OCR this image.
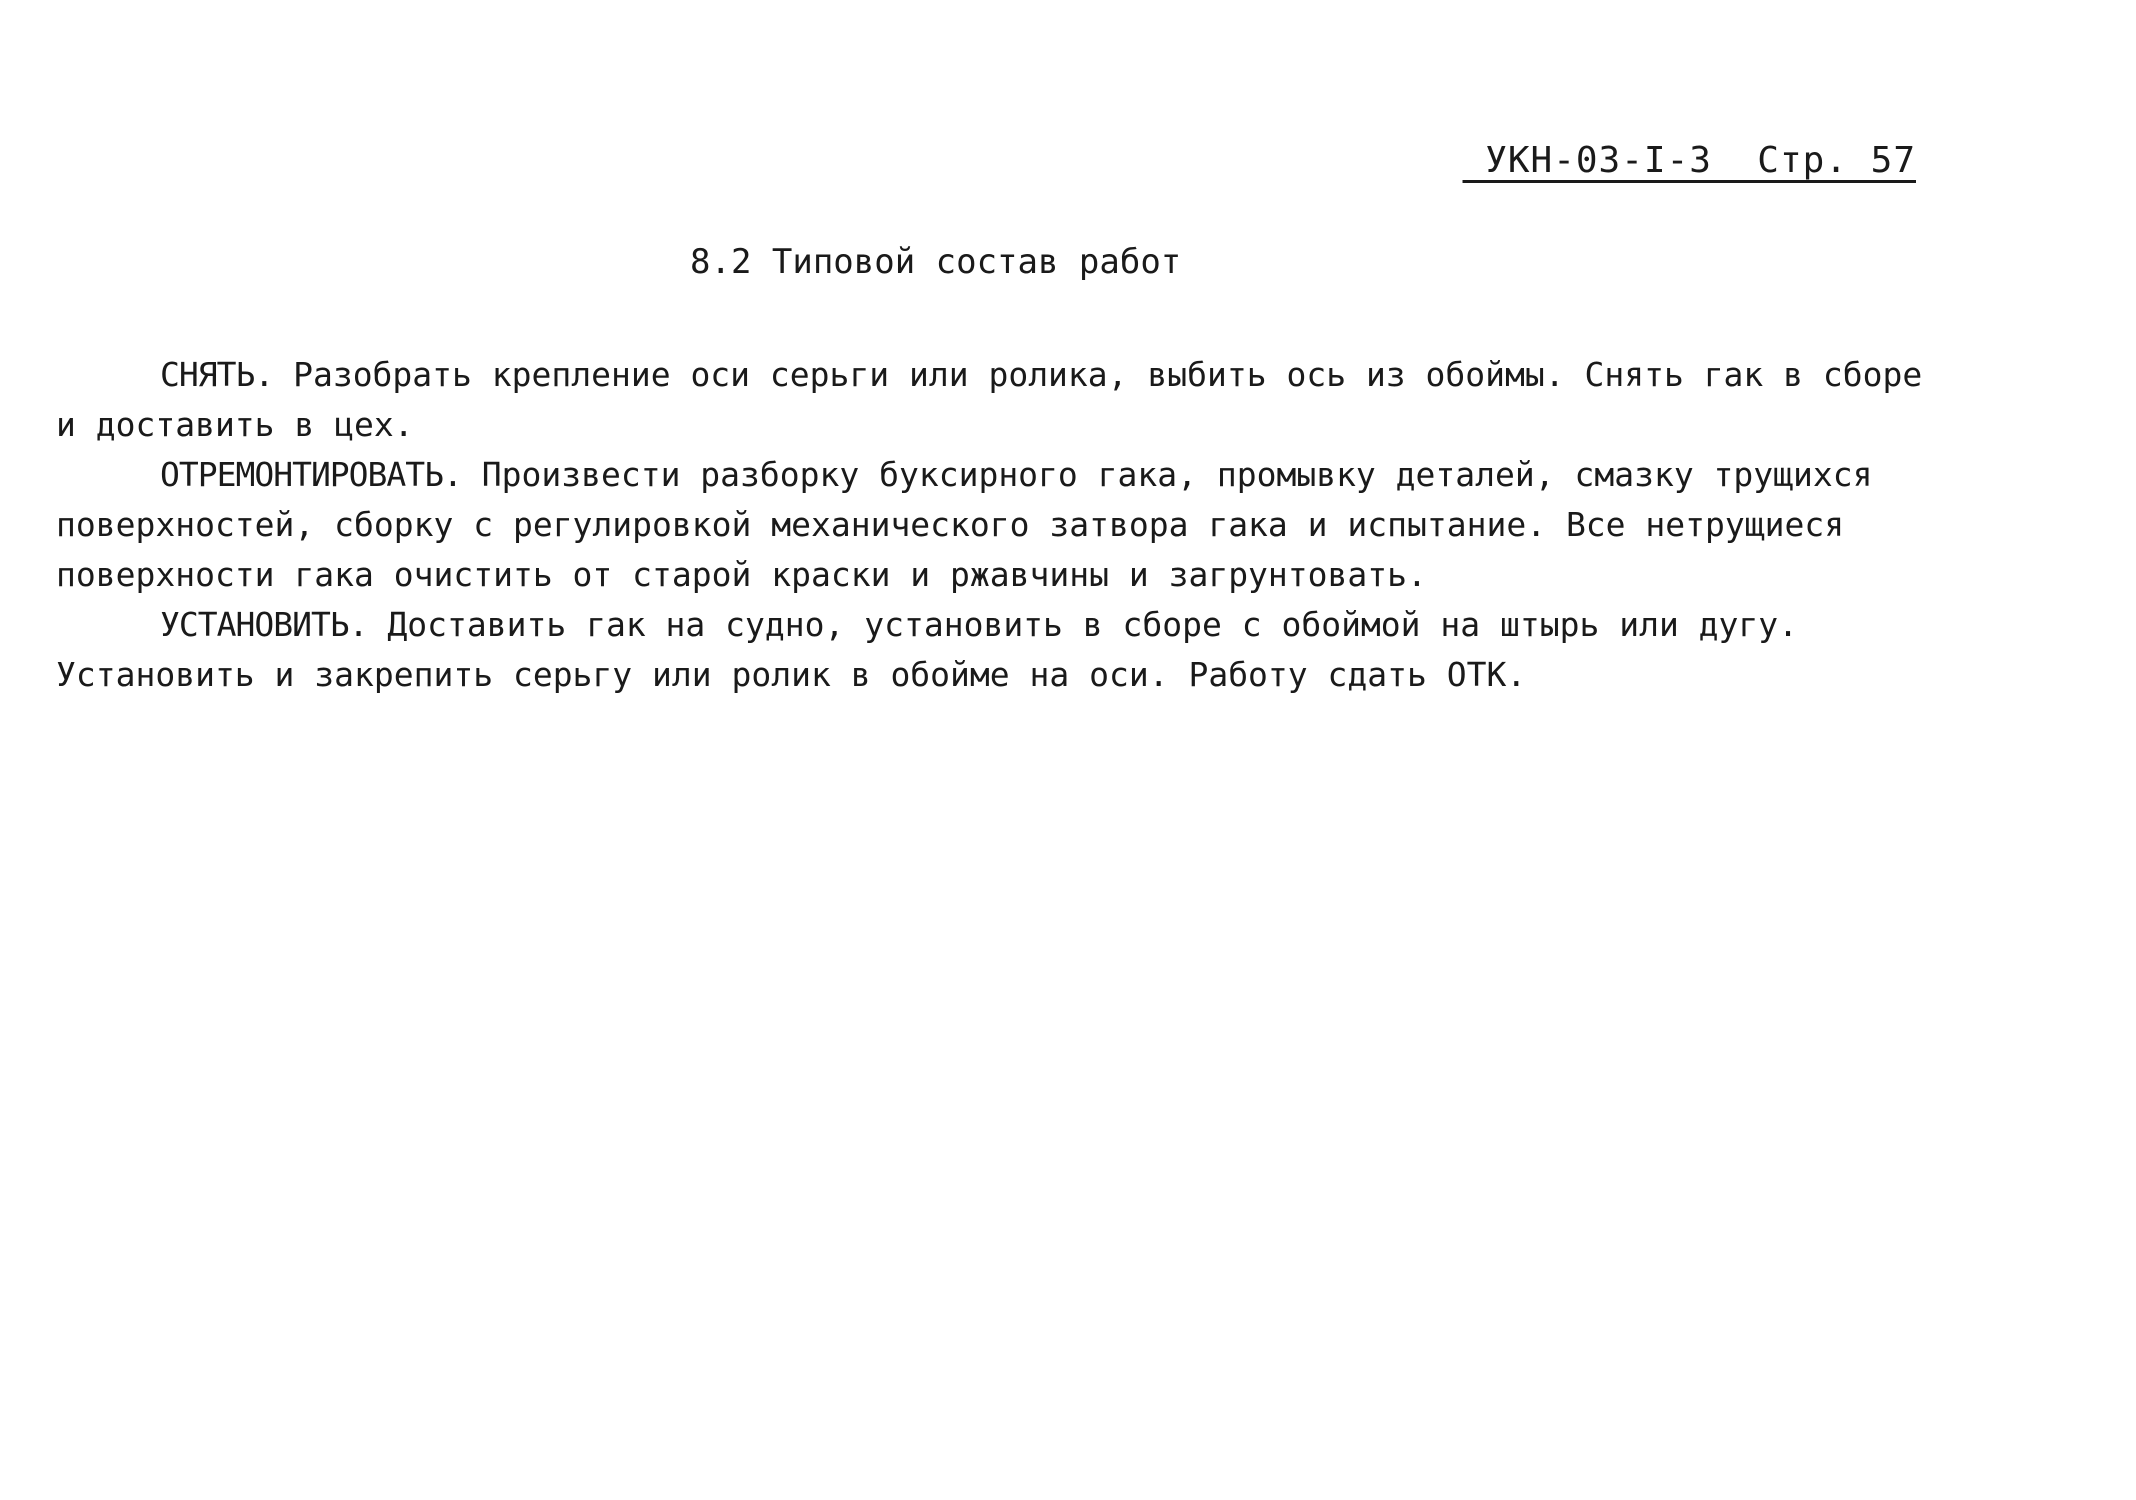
УКН-03-I-3  Стр. 57
8.2 Типовой состав работ

СНЯТЬ. Разобрать крепление оси серьги или ролика, выбить ось из обоймы. Снять гак в сборе и доставить в цех.

ОТРЕМОНТИРОВАТЬ. Произвести разборку буксирного гака, промывку деталей, смазку трущихся поверхностей, сборку с регулировкой механического затвора гака и испытание. Все нетрущиеся поверхности гака очистить от старой краски и ржавчины и загрунтовать.

УСТАНОВИТЬ. Доставить гак на судно, установить в сборе с обоймой на штырь или дугу. Установить и закрепить серьгу или ролик в обойме на оси. Работу сдать ОТК.
